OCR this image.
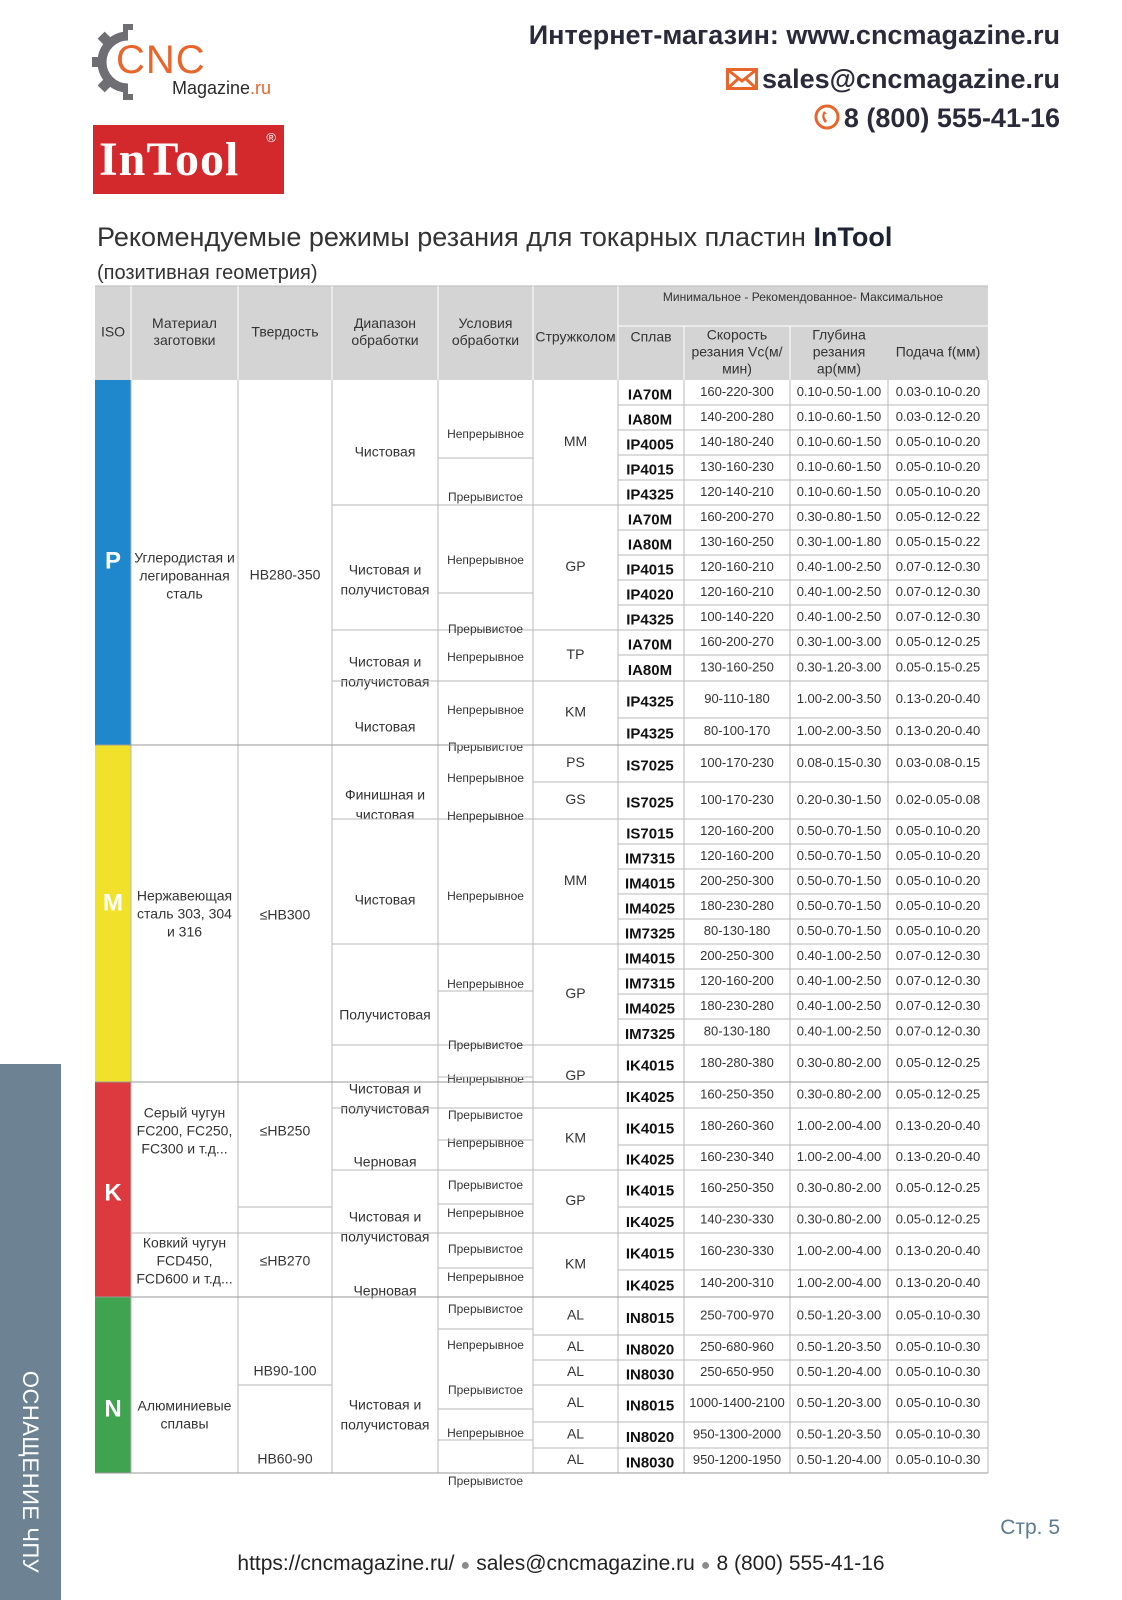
CNC
Magazine.ru
InTool ®
Интернет-магазин: www.cncmagazine.ru
sales@cncmagazine.ru
8 (800) 555-41-16
Рекомендуемые режимы резания для токарных пластин InTool
(позитивная геометрия)
ISO
Материал
заготовки
Твердость
Диапазон
обработки
Условия
обработки Стружколом Сплав
Минимальное - Рекомендованное- Максимальное
Скорость
резания Vc(м/
мин)
Глубина
резания
ap(мм)
Подача f(мм)
IA70M 160-220-300 0.10-0.50-1.00 0.03-0.10-0.20
IA80M 140-200-280 0.10-0.60-1.50 0.03-0.12-0.20
IP4005 140-180-240 0.10-0.60-1.50 0.05-0.10-0.20
IP4015 130-160-230 0.10-0.60-1.50 0.05-0.10-0.20
IP4325 120-140-210 0.10-0.60-1.50 0.05-0.10-0.20
IA70M 160-200-270 0.30-0.80-1.50 0.05-0.12-0.22
IA80M 130-160-250 0.30-1.00-1.80 0.05-0.15-0.22
IP4015 120-160-210 0.40-1.00-2.50 0.07-0.12-0.30
IP4020 120-160-210 0.40-1.00-2.50 0.07-0.12-0.30
IP4325 100-140-220 0.40-1.00-2.50 0.07-0.12-0.30
IA70M 160-200-270 0.30-1.00-3.00 0.05-0.12-0.25
IA80M 130-160-250 0.30-1.20-3.00 0.05-0.15-0.25
IP4325 90-110-180 1.00-2.00-3.50 0.13-0.20-0.40
IP4325 80-100-170 1.00-2.00-3.50 0.13-0.20-0.40
IS7025 100-170-230 0.08-0.15-0.30 0.03-0.08-0.15
IS7025 100-170-230 0.20-0.30-1.50 0.02-0.05-0.08
IS7015 120-160-200 0.50-0.70-1.50 0.05-0.10-0.20
IM7315 120-160-200 0.50-0.70-1.50 0.05-0.10-0.20
IM4015 200-250-300 0.50-0.70-1.50 0.05-0.10-0.20
IM4025 180-230-280 0.50-0.70-1.50 0.05-0.10-0.20
IM7325 80-130-180 0.50-0.70-1.50 0.05-0.10-0.20
IM4015 200-250-300 0.40-1.00-2.50 0.07-0.12-0.30
IM7315 120-160-200 0.40-1.00-2.50 0.07-0.12-0.30
IM4025 180-230-280 0.40-1.00-2.50 0.07-0.12-0.30
IM7325 80-130-180 0.40-1.00-2.50 0.07-0.12-0.30
IK4015 180-280-380 0.30-0.80-2.00 0.05-0.12-0.25
IK4025 160-250-350 0.30-0.80-2.00 0.05-0.12-0.25
IK4015 180-260-360 1.00-2.00-4.00 0.13-0.20-0.40
IK4025 160-230-340 1.00-2.00-4.00 0.13-0.20-0.40
IK4015 160-250-350 0.30-0.80-2.00 0.05-0.12-0.25
IK4025 140-230-330 0.30-0.80-2.00 0.05-0.12-0.25
IK4015 160-230-330 1.00-2.00-4.00 0.13-0.20-0.40
IK4025 140-200-310 1.00-2.00-4.00 0.13-0.20-0.40
IN8015 250-700-970 0.50-1.20-3.00 0.05-0.10-0.30
IN8020 250-680-960 0.50-1.20-3.50 0.05-0.10-0.30
IN8030 250-650-950 0.50-1.20-4.00 0.05-0.10-0.30
IN8015 1000-1400-2100 0.50-1.20-3.00 0.05-0.10-0.30
IN8020 950-1300-2000 0.50-1.20-3.50 0.05-0.10-0.30
IN8030 950-1200-1950 0.50-1.20-4.00 0.05-0.10-0.30
P
M
K
N
Углеродистая и
легированная
сталь
Нержавеющая
сталь 303, 304
и 316
Серый чугун
FC200, FC250,
FC300 и т.д...
Ковкий чугун
FCD450,
FCD600 и т.д...
Алюминиевые
сплавы
HB280-350
≤HB300
≤HB250
≤HB270
HB90-100
HB60-90
Чистовая
Чистовая и
получистовая
Чистовая и
получистовая
Чистовая
Финишная и
чистовая
Чистовая
Получистовая
Чистовая и
получистовая
Черновая
Чистовая и
получистовая
Черновая
Чистовая и
получистовая
Непрерывное
Прерывистое
Непрерывное
Прерывистое
Непрерывное
Непрерывное
Прерывистое
Непрерывное
Непрерывное
Непрерывное
Непрерывное
Прерывистое
Непрерывное
Прерывистое
Непрерывное
Прерывистое
Непрерывное
Прерывистое
Непрерывное
Прерывистое
Непрерывное
Прерывистое
Непрерывное
Прерывистое
MM
GP
TP
KM
PS
GS
MM
GP
GP
KM
GP
KM
AL
AL
AL
AL
AL
AL
ОСНАЩЕНИЕ ЧПУ	Стр. 5
https://cncmagazine.ru/ ● sales@cncmagazine.ru ● 8 (800) 555-41-16
